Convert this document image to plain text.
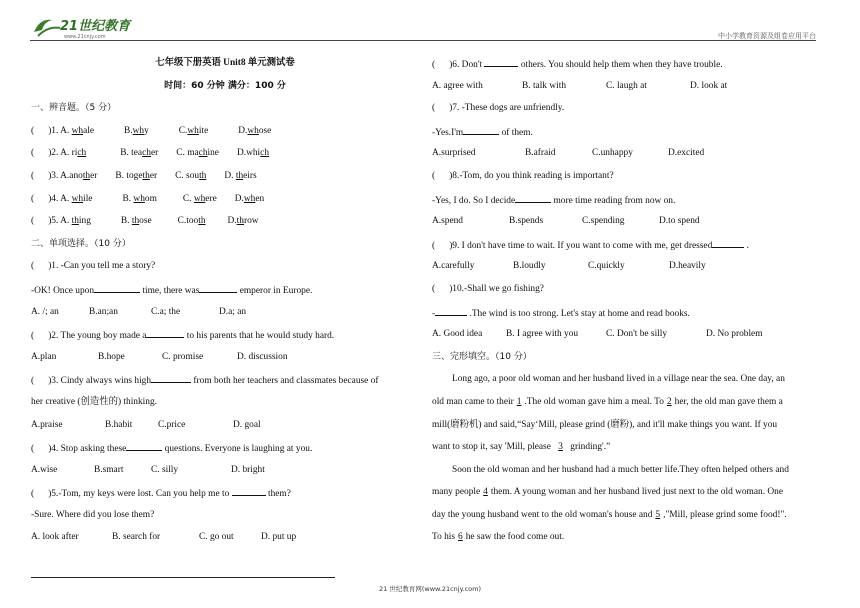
21世纪教育
www.21cnjy.com	中小学教育资源及组卷应用平台
七年级下册英语 Unit8 单元测试卷
时间：60 分钟 满分：100 分
一、辨音题。（5 分）
(      )1. A. whale	B.why	C.white	D.whose
(      )2. A. rich	B. teacher C. machine D.which
(      )3. A.another B. together C. south D. theirs
(      )4. A. while	B. whom	C. where D.when
(      )5. A. thing	B. those	C.tooth D.throw
二、单项选择。（10 分）
(      )1. -Can you tell me a story?
-OK! Once upon	time, there was	emperor in Europe.
A. /; an	B.an;an	C.a; the	D.a; an
(      )2. The young boy made a	to his parents that he would study hard.
A.plan	B.hope	C. promise	D. discussion
(      )3. Cindy always wins high	from both her teachers and classmates because of
her creative (创造性的) thinking.
A.praise	B.habit	C.price	D. goal
(      )4. Stop asking these	questions. Everyone is laughing at you.
A.wise	B.smart	C. silly	D. bright
(      )5.-Tom, my keys were lost. Can you help me to	them?
-Sure. Where did you lose them?
A. look after	B. search for	C. go out	D. put up
(      )6. Don't	others. You should help them when they have trouble.
A. agree with	B. talk with	C. laugh at	D. look at
(      )7. -These dogs are unfriendly.
-Yes.I'm	of them.
A.surprised	B.afraid	C.unhappy	D.excited
(      )8.-Tom, do you think reading is important?
-Yes, I do. So I decide	more time reading from now on.
A.spend	B.spends	C.spending	D.to spend
(      )9. I don't have time to wait. If you want to come with me, get dressed	.
A.carefully	B.loudly	C.quickly	D.heavily
(      )10.-Shall we go fishing?
-	.The wind is too strong. Let's stay at home and read books.
A. Good idea	B. I agree with you	C. Don't be silly	D. No problem
三、完形填空。（10 分）
Long ago, a poor old woman and her husband lived in a village near the sea. One day, an
old man came to their 1 .The old woman gave him a meal. To 2 her, the old man gave them a
mill(磨粉机) and said,“Say‘Mill, please grind (磨粉), and it'll make things you want. If you
want to stop it, say 'Mill, please 3 grinding'.”
Soon the old woman and her husband had a much better life.They often helped others and
many people 4 them. A young woman and her husband lived just next to the old woman. One
day the young husband went to the old woman's house and 5 ,"Mill, please grind some food!".
To his 6 he saw the food come out.
21 世纪教育网(www.21cnjy.com)
